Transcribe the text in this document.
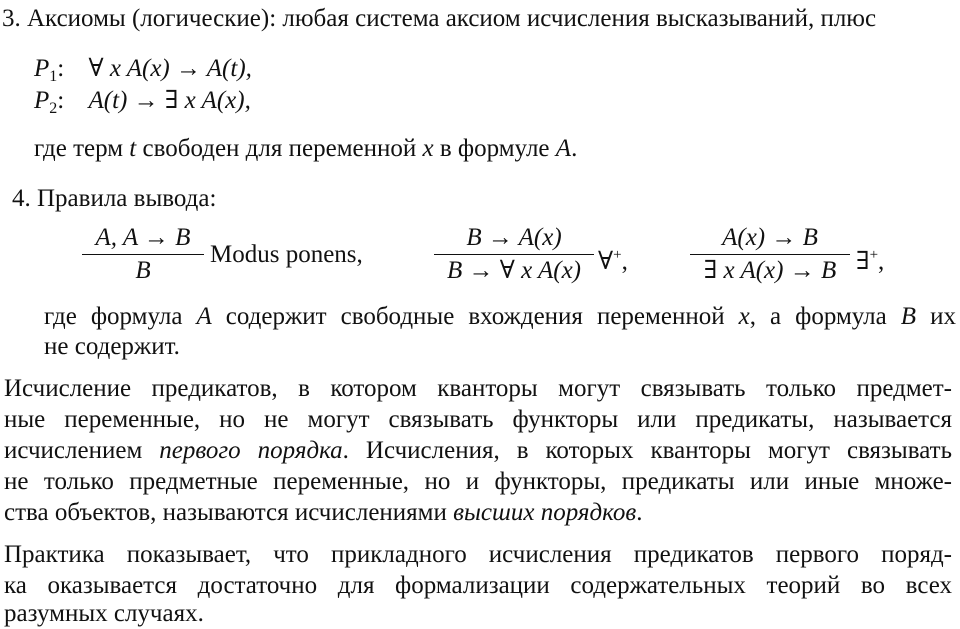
3. Аксиомы (логические): любая система аксиом исчисления высказываний, плюс
$P_1$: ∀ x A(x) → A(t),
$P_2$: A(t) → ∃ x A(x),
где терм t свободен для переменной x в формуле A.
4. Правила вывода:
A, A → B
B
Modus ponens,
B → A(x)
B → ∀ x A(x) ∀+,
A(x) → B
∃ x A(x) → B ∃+,
где формула A содержит свободные вхождения переменной x, а формула B их
не содержит.
Исчисление предикатов, в котором кванторы могут связывать только предмет-
ные переменные, но не могут связывать функторы или предикаты, называется
исчислением первого порядка. Исчисления, в которых кванторы могут связывать
не только предметные переменные, но и функторы, предикаты или иные множе-
ства объектов, называются исчислениями высших порядков.
Практика показывает, что прикладного исчисления предикатов первого поряд-
ка оказывается достаточно для формализации содержательных теорий во всех
разумных случаях.
